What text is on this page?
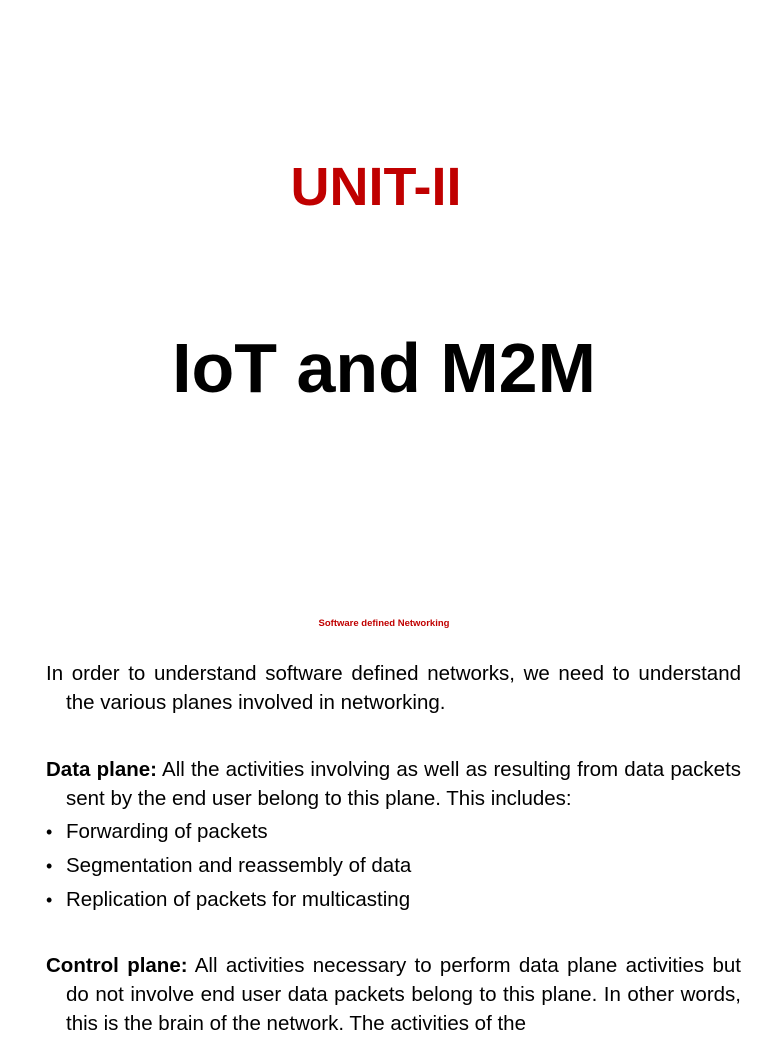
UNIT-II
IoT and M2M
Software defined Networking

In order to understand software defined networks, we need to understand the various planes involved in networking.

Data plane: All the activities involving as well as resulting from data packets sent by the end user belong to this plane. This includes:

• Forwarding of packets
• Segmentation and reassembly of data
• Replication of packets for multicasting

Control plane: All activities necessary to perform data plane activities but do not involve end user data packets belong to this plane. In other words, this is the brain of the network. The activities of the
